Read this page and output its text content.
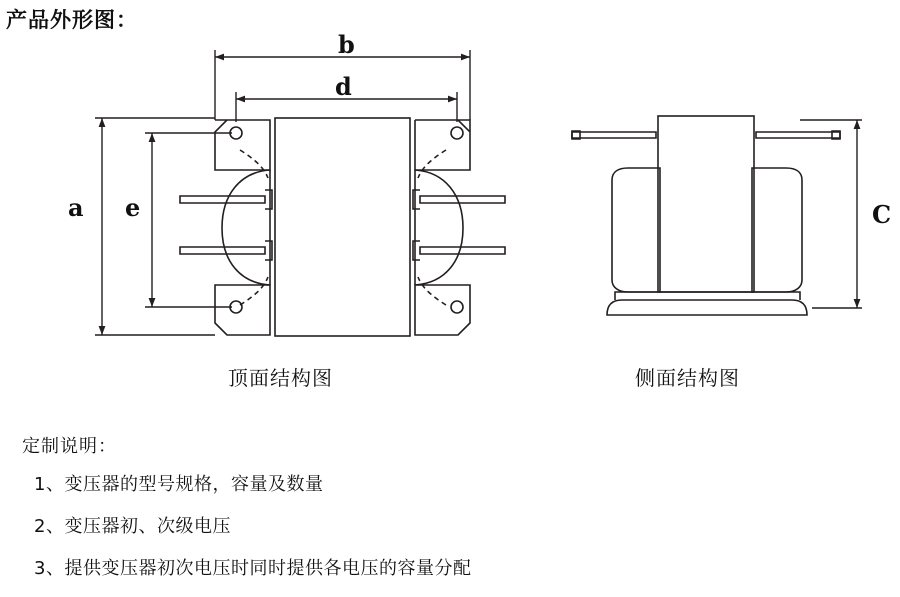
产品外形图：
b
d
a e	C
顶面结构图	侧面结构图
定制说明：
1、变压器的型号规格，容量及数量
2、变压器初、次级电压
3、提供变压器初次电压时同时提供各电压的容量分配
